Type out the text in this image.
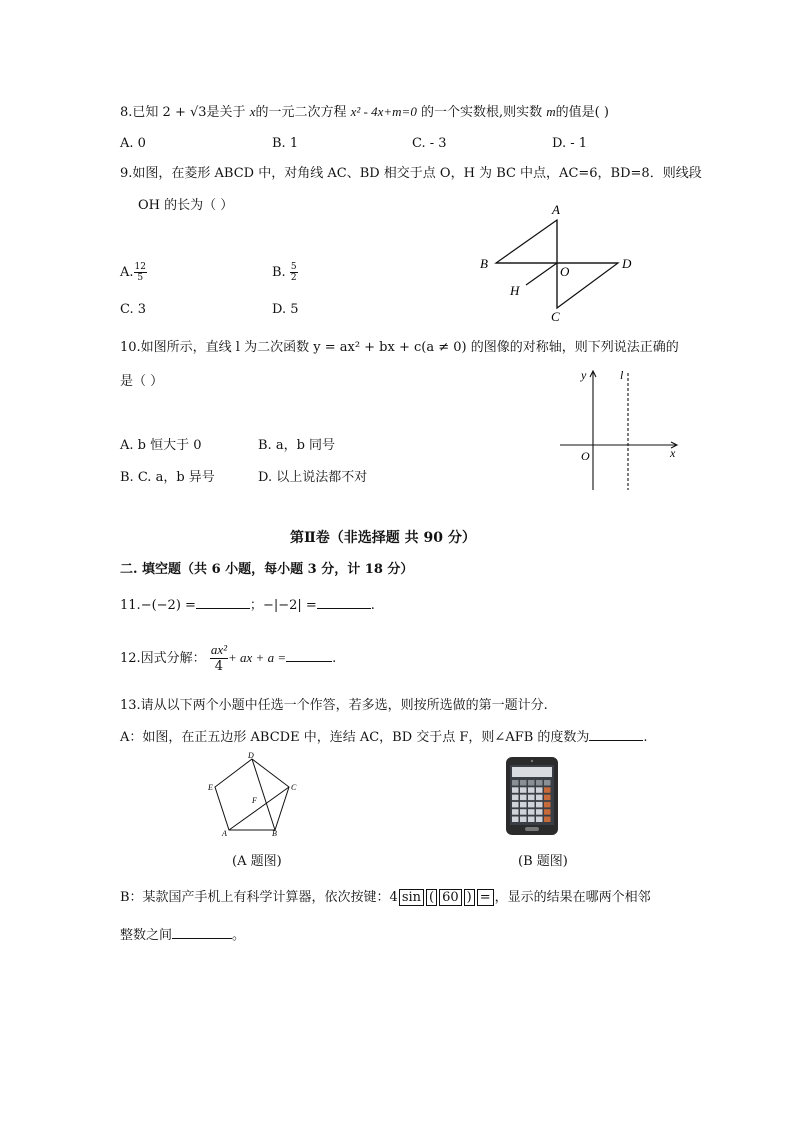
8.已知 2 + √3是关于 x的一元二次方程 x² - 4x+m=0 的一个实数根,则实数 m的值是( )
A. 0	B. 1	C. - 3	D. - 1
9.如图，在菱形 ABCD 中，对角线 AC、BD 相交于点 O，H 为 BC 中点，AC=6，BD=8．则线段
OH 的长为（ ）
A. $\frac{12}{5}$	B. $\frac{5}{2}$
C. 3	D. 5
A
B	D
O
H
C
10.如图所示，直线 l 为二次函数 y = ax² + bx + c(a ≠ 0) 的图像的对称轴，则下列说法正确的
是（ ）
A. b 恒大于 0	B. a，b 同号
B. C. a，b 异号	D. 以上说法都不对
y	l
O	x
第Ⅱ卷（非选择题 共 90 分）
二. 填空题（共 6 小题，每小题 3 分，计 18 分）
11.−(−2) =	；−|−2| =	.
12.因式分解： $\frac{\text{ax²}}{4}$ + ax + a =	.
13.请从以下两个小题中任选一个作答，若多选，则按所选做的第一题计分.
A：如图，在正五边形 ABCDE 中，连结 AC，BD 交于点 F，则∠AFB 的度数为	.
D
E	C
F
A	B
(A 题图)	(B 题图)
B：某款国产手机上有科学计算器，依次按键：4 sin ( 60 ) = ，显示的结果在哪两个相邻
整数之间	。
